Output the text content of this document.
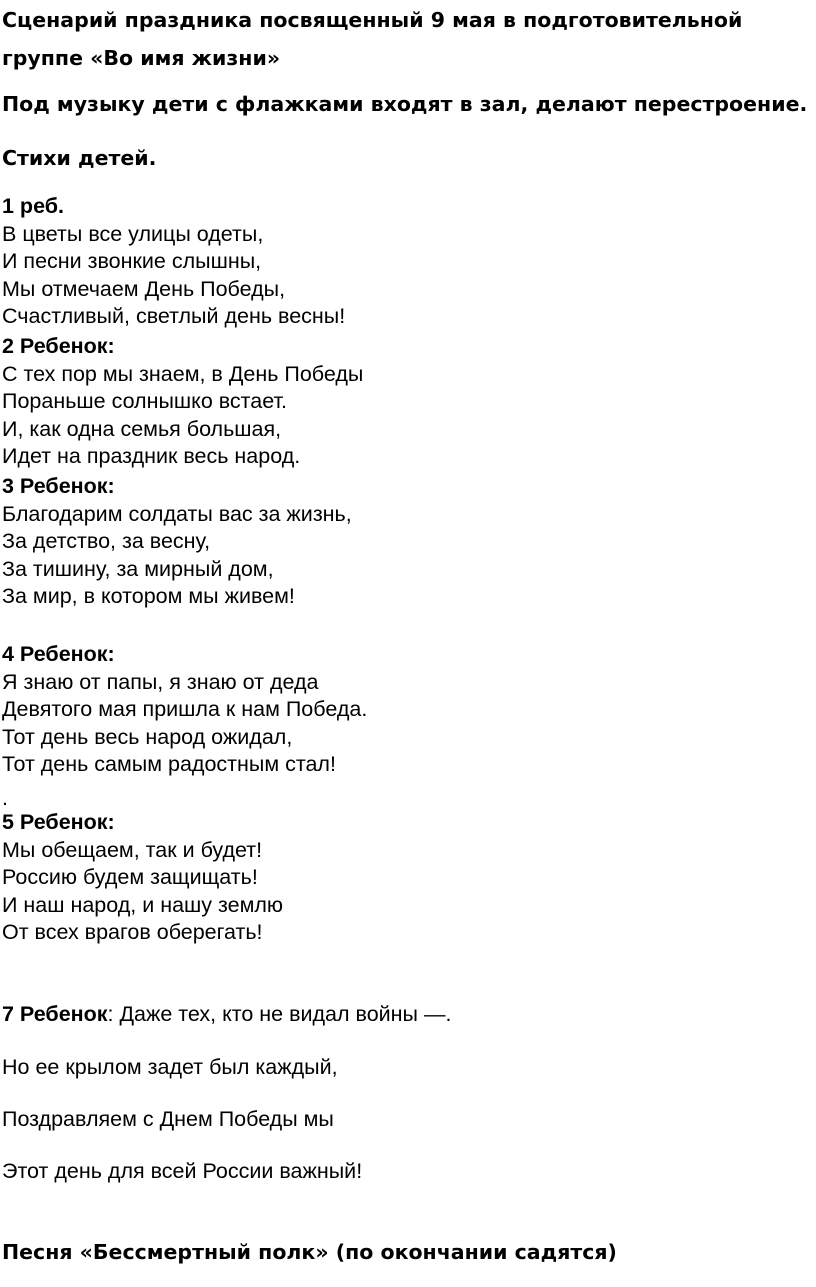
Сценарий праздника посвященный 9 мая в подготовительной
группе «Во имя жизни»
Под музыку дети с флажками входят в зал, делают перестроение.
Стихи детей.
1 реб.
В цветы все улицы одеты,
И песни звонкие слышны,
Мы отмечаем День Победы,
Счастливый, светлый день весны!
2 Ребенок:
С тех пор мы знаем, в День Победы
Пораньше солнышко встает.
И, как одна семья большая,
Идет на праздник весь народ.
3 Ребенок:
Благодарим солдаты вас за жизнь,
За детство, за весну,
За тишину, за мирный дом,
За мир, в котором мы живем!
4 Ребенок:
Я знаю от папы, я знаю от деда
Девятого мая пришла к нам Победа.
Тот день весь народ ожидал,
Тот день самым радостным стал!
.
5 Ребенок:
Мы обещаем, так и будет!
Россию будем защищать!
И наш народ, и нашу землю
От всех врагов оберегать!
7 Ребенок: Даже тех, кто не видал войны —.
Но ее крылом задет был каждый,
Поздравляем с Днем Победы мы
Этот день для всей России важный!
Песня «Бессмертный полк» (по окончании садятся)
